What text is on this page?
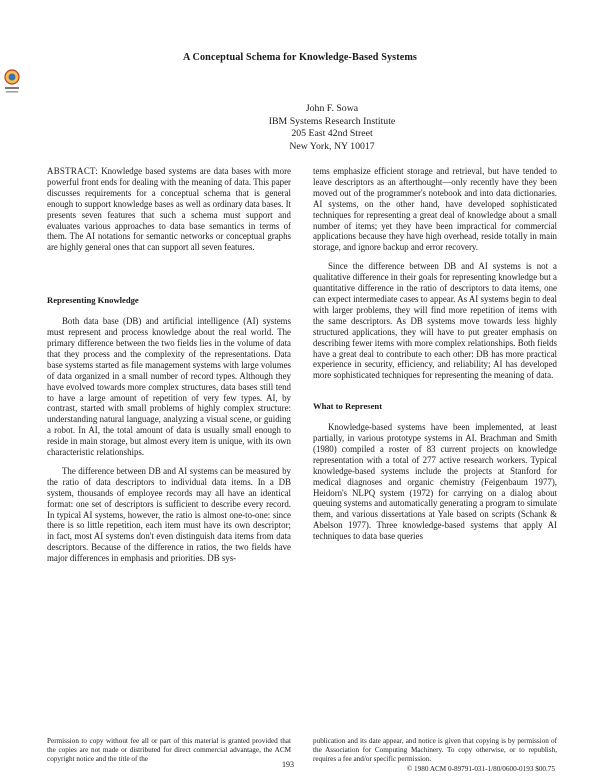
A Conceptual Schema for Knowledge-Based Systems
John F. Sowa
IBM Systems Research Institute
205 East 42nd Street
New York, NY 10017

ABSTRACT: Knowledge based systems are data bases with more powerful front ends for dealing with the meaning of data. This paper discusses requirements for a conceptual schema that is general enough to support knowledge bases as well as ordinary data bases. It presents seven features that such a schema must support and evaluates various approaches to data base semantics in terms of them. The AI notations for semantic networks or conceptual graphs are highly general ones that can support all seven features.

Representing Knowledge

Both data base (DB) and artificial intelligence (AI) systems must represent and process knowledge about the real world. The primary difference between the two fields lies in the volume of data that they process and the complexity of the representations. Data base systems started as file management systems with large volumes of data organized in a small number of record types. Although they have evolved towards more complex structures, data bases still tend to have a large amount of repetition of very few types. AI, by contrast, started with small problems of highly complex structure: understanding natural language, analyzing a visual scene, or guiding a robot. In AI, the total amount of data is usually small enough to reside in main storage, but almost every item is unique, with its own characteristic relationships.

The difference between DB and AI systems can be measured by the ratio of data descriptors to individual data items. In a DB system, thousands of employee records may all have an identical format: one set of descriptors is sufficient to describe every record. In typical AI systems, however, the ratio is almost one-to-one: since there is so little repetition, each item must have its own descriptor; in fact, most AI systems don't even distinguish data items from data descriptors. Because of the difference in ratios, the two fields have major differences in emphasis and priorities. DB sys-

tems emphasize efficient storage and retrieval, but have tended to leave descriptors as an afterthought—only recently have they been moved out of the programmer's notebook and into data dictionaries. AI systems, on the other hand, have developed sophisticated techniques for representing a great deal of knowledge about a small number of items; yet they have been impractical for commercial applications because they have high overhead, reside totally in main storage, and ignore backup and error recovery.

Since the difference between DB and AI systems is not a qualitative difference in their goals for representing knowledge but a quantitative difference in the ratio of descriptors to data items, one can expect intermediate cases to appear. As AI systems begin to deal with larger problems, they will find more repetition of items with the same descriptors. As DB systems move towards less highly structured applications, they will have to put greater emphasis on describing fewer items with more complex relationships. Both fields have a great deal to contribute to each other: DB has more practical experience in security, efficiency, and reliability; AI has developed more sophisticated techniques for representing the meaning of data.

What to Represent

Knowledge-based systems have been implemented, at least partially, in various prototype systems in AI. Brachman and Smith (1980) compiled a roster of 83 current projects on knowledge representation with a total of 277 active research workers. Typical knowledge-based systems include the projects at Stanford for medical diagnoses and organic chemistry (Feigenbaum 1977), Heidorn's NLPQ system (1972) for carrying on a dialog about queuing systems and automatically generating a program to simulate them, and various dissertations at Yale based on scripts (Schank & Abelson 1977). Three knowledge-based systems that apply AI techniques to data base queries

Permission to copy without fee all or part of this material is granted provided that the copies are not made or distributed for direct commercial advantage, the ACM copyright notice and the title of the
publication and its date appear, and notice is given that copying is by permission of the Association for Computing Machinery. To copy otherwise, or to republish, requires a fee and/or specific permission.
© 1980 ACM 0-89791-031-1/80/0600-0193 $00.75
193
